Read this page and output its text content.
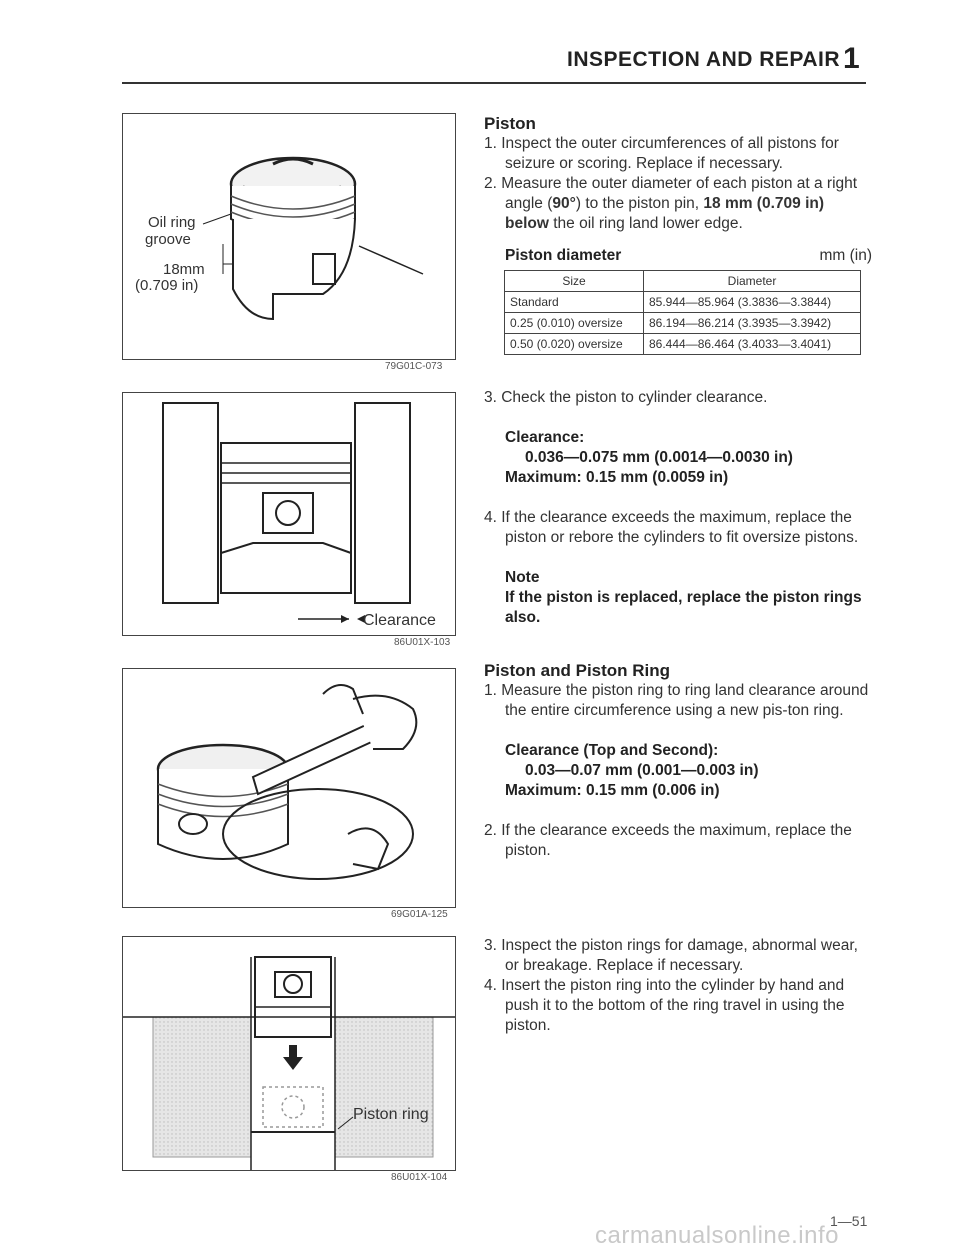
INSPECTION AND REPAIR 1
Oil ring
groove
18mm
(0.709 in)
79G01C-073
Clearance
86U01X-103
69G01A-125
Piston ring
86U01X-104
Piston

1. Inspect the outer circumferences of all pistons for seizure or scoring. Replace if necessary.

2. Measure the outer diameter of each piston at a right angle (90°) to the piston pin, 18 mm (0.709 in) below the oil ring land lower edge.

Piston diameter	mm (in)
Size	Diameter
Standard	85.944—85.964 (3.3836—3.3844)
0.25 (0.010) oversize	86.194—86.214 (3.3935—3.3942)
0.50 (0.020) oversize	86.444—86.464 (3.4033—3.4041)

3. Check the piston to cylinder clearance.

Clearance:

0.036—0.075 mm (0.0014—0.0030 in)

Maximum: 0.15 mm (0.0059 in)

4. If the clearance exceeds the maximum, replace the piston or rebore the cylinders to fit oversize pistons.

Note

If the piston is replaced, replace the piston rings also.

Piston and Piston Ring

1. Measure the piston ring to ring land clearance around the entire circumference using a new pis-ton ring.

Clearance (Top and Second):

0.03—0.07 mm (0.001—0.003 in)

Maximum: 0.15 mm (0.006 in)

2. If the clearance exceeds the maximum, replace the piston.

3. Inspect the piston rings for damage, abnormal wear, or breakage. Replace if necessary.

4. Insert the piston ring into the cylinder by hand and push it to the bottom of the ring travel in using the piston.

1—51
carmanualsonline.info
